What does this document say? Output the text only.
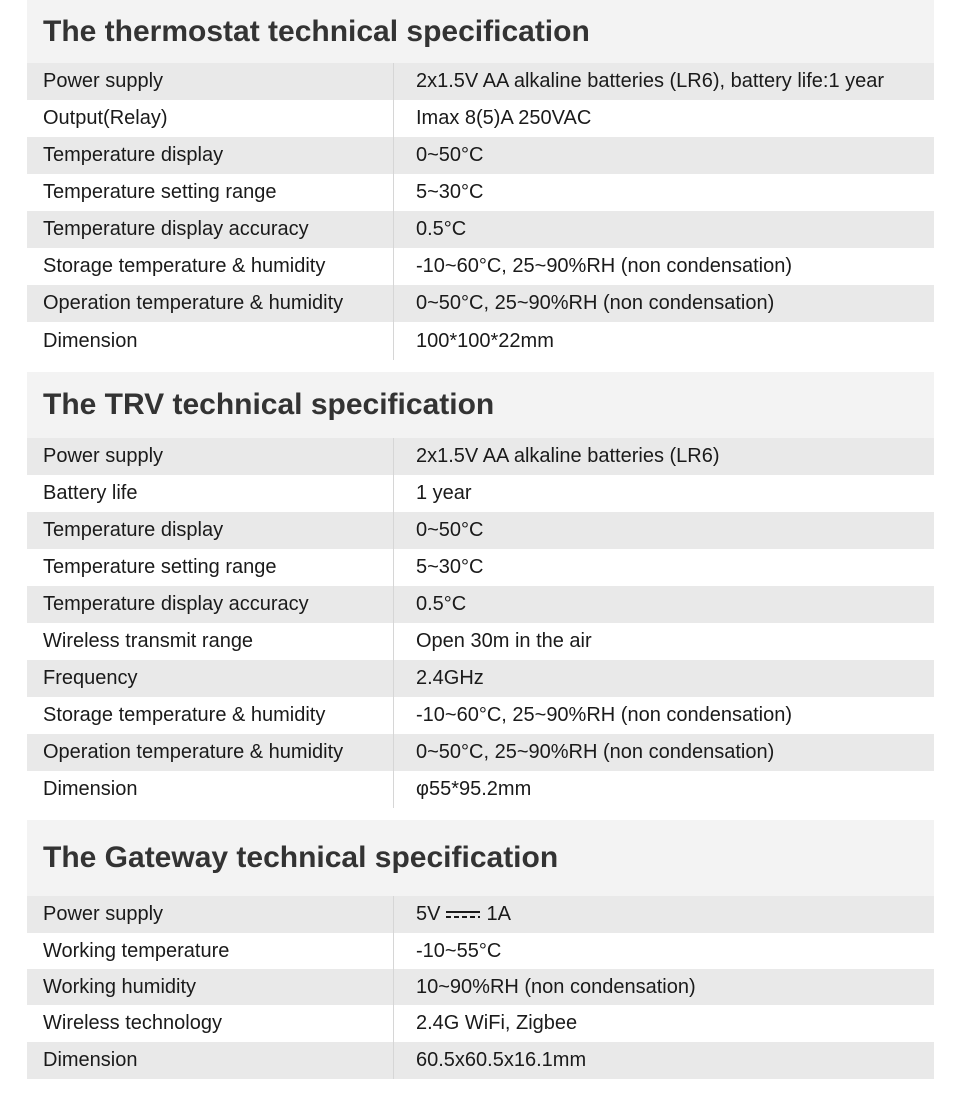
The thermostat technical specification
Power supply	2x1.5V AA alkaline batteries (LR6), battery life:1 year
Output(Relay)	Imax 8(5)A 250VAC
Temperature display	0~50°C
Temperature setting range	5~30°C
Temperature display accuracy	0.5°C
Storage temperature & humidity	-10~60°C, 25~90%RH (non condensation)
Operation temperature & humidity	0~50°C, 25~90%RH (non condensation)
Dimension	100*100*22mm
The TRV technical specification
Power supply	2x1.5V AA alkaline batteries (LR6)
Battery life	1 year
Temperature display	0~50°C
Temperature setting range	5~30°C
Temperature display accuracy	0.5°C
Wireless transmit range	Open 30m in the air
Frequency	2.4GHz
Storage temperature & humidity	-10~60°C, 25~90%RH (non condensation)
Operation temperature & humidity	0~50°C, 25~90%RH (non condensation)
Dimension	φ55*95.2mm
The Gateway technical specification
Power supply	5V 1A
Working temperature	-10~55°C
Working humidity	10~90%RH (non condensation)
Wireless technology	2.4G WiFi, Zigbee
Dimension	60.5x60.5x16.1mm
